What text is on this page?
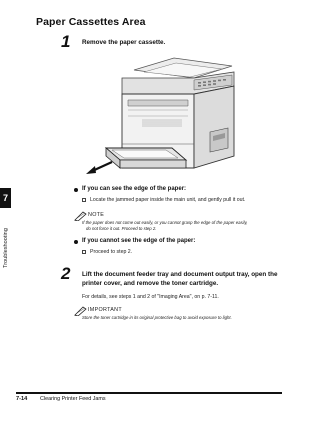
Paper Cassettes Area
1 Remove the paper cassette.
If you can see the edge of the paper:
Locate the jammed paper inside the main unit, and gently pull it out.
NOTE
If the paper does not come out easily, or you cannot grasp the edge of the paper easily,
do not force it out. Proceed to step 2.
If you cannot see the edge of the paper:
Proceed to step 2.
2 Lift the document feeder tray and document output tray, open the
printer cover, and remove the toner cartridge.
For details, see steps 1 and 2 of "Imaging Area", on p. 7-11.
IMPORTANT
Store the toner cartridge in its original protective bag to avoid exposure to light.
7
Troubleshooting
7-14 Clearing Printer Feed Jams
